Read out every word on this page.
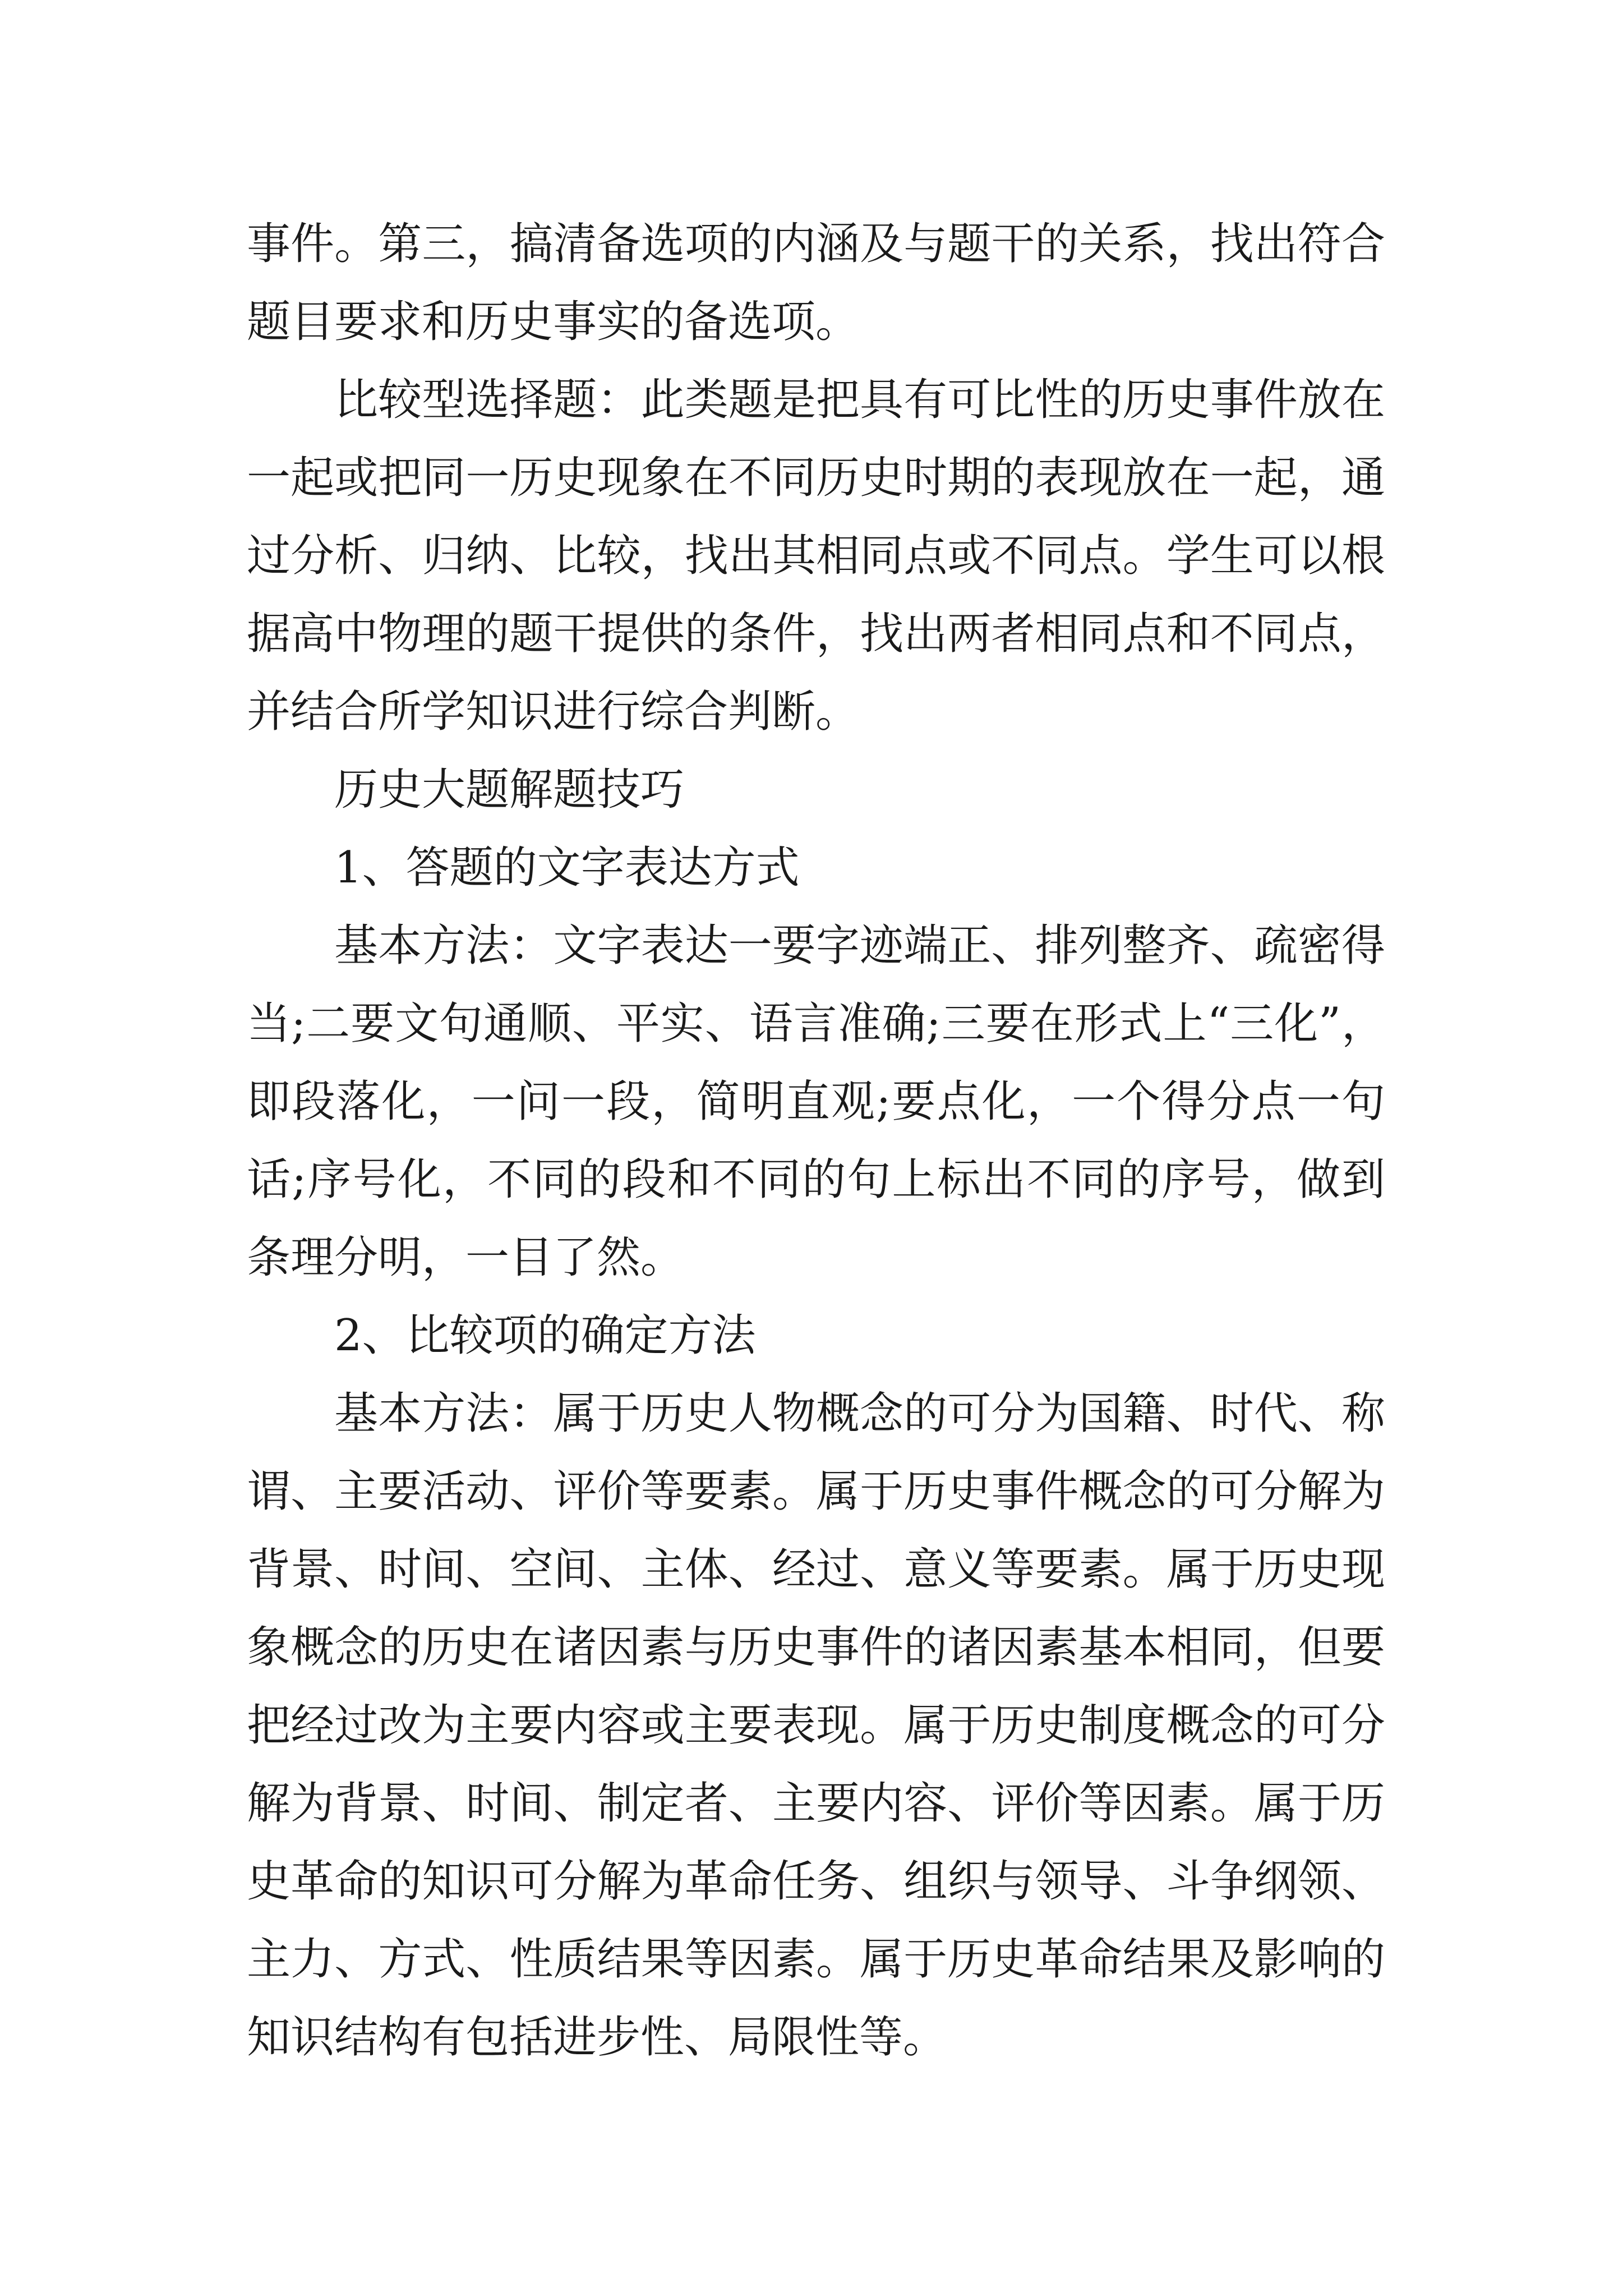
事件。第三，搞清备选项的内涵及与题干的关系，找出符合题目要求和历史事实的备选项。

比较型选择题：此类题是把具有可比性的历史事件放在一起或把同一历史现象在不同历史时期的表现放在一起，通过分析、归纳、比较，找出其相同点或不同点。学生可以根据高中物理的题干提供的条件，找出两者相同点和不同点，并结合所学知识进行综合判断。

历史大题解题技巧

1、答题的文字表达方式

基本方法：文字表达一要字迹端正、排列整齐、疏密得当;二要文句通顺、平实、语言准确;三要在形式上“三化”，即段落化，一问一段，简明直观;要点化，一个得分点一句话;序号化，不同的段和不同的句上标出不同的序号，做到条理分明，一目了然。

2、比较项的确定方法

基本方法：属于历史人物概念的可分为国籍、时代、称谓、主要活动、评价等要素。属于历史事件概念的可分解为背景、时间、空间、主体、经过、意义等要素。属于历史现象概念的历史在诸因素与历史事件的诸因素基本相同，但要把经过改为主要内容或主要表现。属于历史制度概念的可分解为背景、时间、制定者、主要内容、评价等因素。属于历史革命的知识可分解为革命任务、组织与领导、斗争纲领、主力、方式、性质结果等因素。属于历史革命结果及影响的知识结构有包括进步性、局限性等。
